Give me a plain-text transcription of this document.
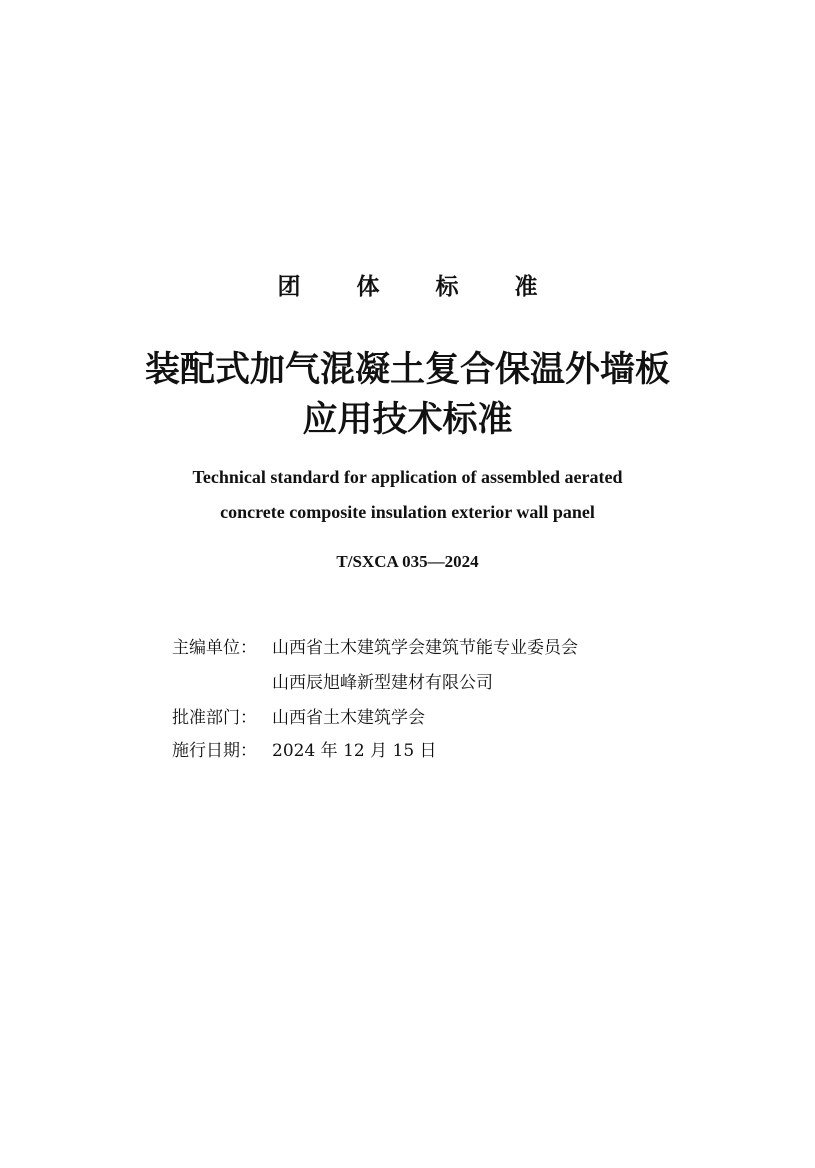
团 体 标 准
装配式加气混凝土复合保温外墙板
应用技术标准
Technical standard for application of assembled aerated
concrete composite insulation exterior wall panel
T/SXCA 035—2024
主编单位： 山西省土木建筑学会建筑节能专业委员会
山西辰旭峰新型建材有限公司
批准部门： 山西省土木建筑学会
施行日期： 2024 年 12 月 15 日
